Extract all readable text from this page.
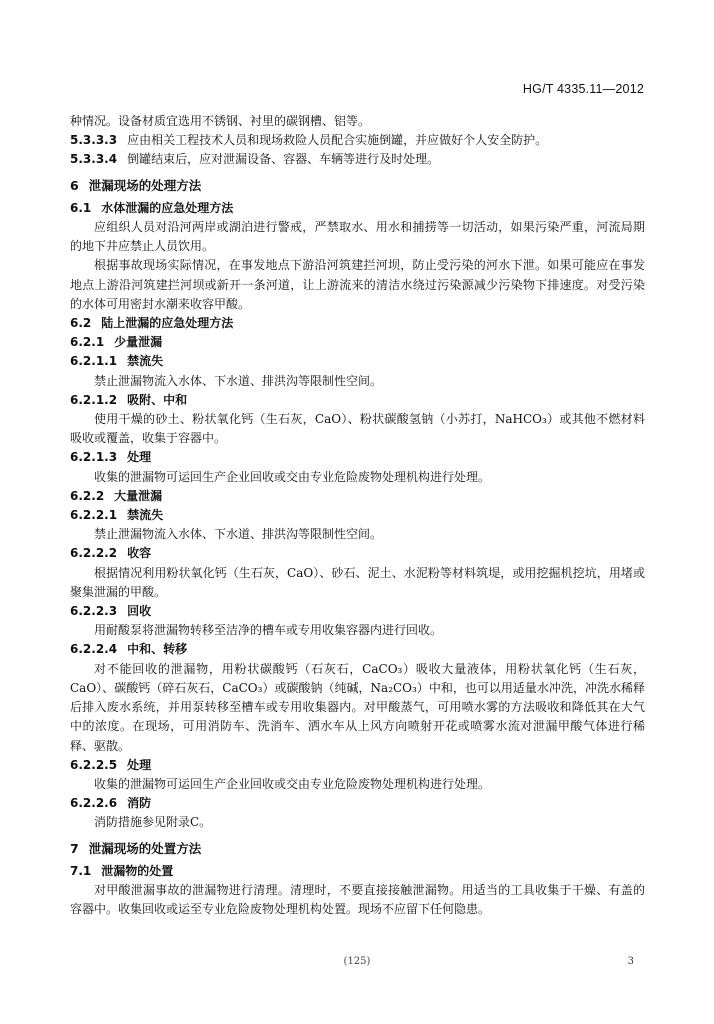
HG/T 4335.11—2012

种情况。设备材质宜选用不锈钢、衬里的碳钢槽、铝等。

5.3.3.3 应由相关工程技术人员和现场救险人员配合实施倒罐，并应做好个人安全防护。

5.3.3.4 倒罐结束后，应对泄漏设备、容器、车辆等进行及时处理。

6 泄漏现场的处理方法

6.1 水体泄漏的应急处理方法

应组织人员对沿河两岸或湖泊进行警戒，严禁取水、用水和捕捞等一切活动，如果污染严重，河流局期的地下井应禁止人员饮用。

根据事故现场实际情况，在事发地点下游沿河筑建拦河坝，防止受污染的河水下泄。如果可能应在事发地点上游沿河筑建拦河坝或新开一条河道，让上游流来的清洁水绕过污染源减少污染物下排速度。对受污染的水体可用密封水潮来收容甲酸。

6.2 陆上泄漏的应急处理方法

6.2.1 少量泄漏

6.2.1.1 禁流失

禁止泄漏物流入水体、下水道、排洪沟等限制性空间。

6.2.1.2 吸附、中和

使用干燥的砂土、粉状氧化钙（生石灰，CaO）、粉状碳酸氢钠（小苏打，NaHCO₃）或其他不燃材料吸收或覆盖，收集于容器中。

6.2.1.3 处理

收集的泄漏物可运回生产企业回收或交由专业危险废物处理机构进行处理。

6.2.2 大量泄漏

6.2.2.1 禁流失

禁止泄漏物流入水体、下水道、排洪沟等限制性空间。

6.2.2.2 收容

根据情况利用粉状氧化钙（生石灰，CaO）、砂石、泥土、水泥粉等材料筑堤，或用挖掘机挖坑，用堵或聚集泄漏的甲酸。

6.2.2.3 回收

用耐酸泵将泄漏物转移至洁净的槽车或专用收集容器内进行回收。

6.2.2.4 中和、转移

对不能回收的泄漏物，用粉状碳酸钙（石灰石，CaCO₃）吸收大量液体，用粉状氧化钙（生石灰，CaO）、碳酸钙（碎石灰石，CaCO₃）或碳酸钠（纯碱，Na₂CO₃）中和，也可以用适量水冲洗，冲洗水稀释后排入废水系统，并用泵转移至槽车或专用收集器内。对甲酸蒸气，可用喷水雾的方法吸收和降低其在大气中的浓度。在现场，可用消防车、洗消车、洒水车从上风方向喷射开花或喷雾水流对泄漏甲酸气体进行稀释、驱散。

6.2.2.5 处理

收集的泄漏物可运回生产企业回收或交由专业危险废物处理机构进行处理。

6.2.2.6 消防

消防措施参见附录C。

7 泄漏现场的处置方法

7.1 泄漏物的处置

对甲酸泄漏事故的泄漏物进行清理。清理时，不要直接接触泄漏物。用适当的工具收集于干燥、有盖的容器中。收集回收或运至专业危险废物处理机构处置。现场不应留下任何隐患。

(125)	3
